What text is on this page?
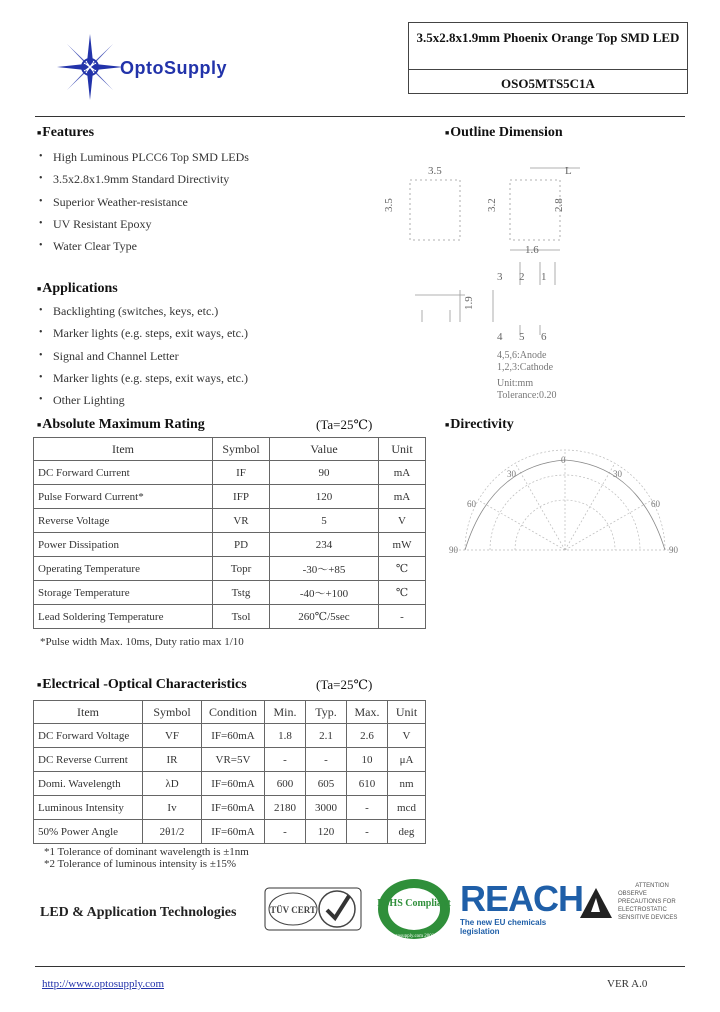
OptoSupply
3.5x2.8x1.9mm Phoenix Orange Top SMD LED
OSO5MTS5C1A
■ Features
• High Luminous PLCC6 Top SMD LEDs
• 3.5x2.8x1.9mm Standard Directivity
• Superior Weather-resistance
• UV Resistant Epoxy
• Water Clear Type
■ Applications
• Backlighting (switches, keys, etc.)
• Marker lights (e.g. steps, exit ways, etc.)
• Signal and Channel Letter
• Marker lights (e.g. steps, exit ways, etc.)
• Other Lighting
■ Outline Dimension
3.5
3.5	3.2	2.8
1.6
1.9
L
3 2 1
4 5 6
4,5,6:Anode
1,2,3:Cathode
Unit:mm
Tolerance:0.20
■ Absolute Maximum Rating	(Ta=25℃)
Item	Symbol	Value	Unit
DC Forward Current	IF	90	mA
Pulse Forward Current*	IFP	120	mA
Reverse Voltage	VR	5	V
Power Dissipation	PD	234	mW
Operating Temperature	Topr	-30～+85	℃
Storage Temperature	Tstg	-40～+100	℃
Lead Soldering Temperature	Tsol	260℃/5sec	-
*Pulse width Max. 10ms, Duty ratio max 1/10
■ Directivity
0
30
60
90
30
60
90
■ Electrical -Optical Characteristics	(Ta=25℃)
Item	Symbol	Condition	Min.	Typ.	Max.	Unit
DC Forward Voltage	VF	IF=60mA	1.8	2.1	2.6	V
DC Reverse Current	IR	VR=5V	-	-	10	μA
Domi. Wavelength	λD	IF=60mA	600	605	610	nm
Luminous Intensity	Iv	IF=60mA	2180	3000	-	mcd
50% Power Angle	2θ1/2	IF=60mA	-	120	-	deg
*1 Tolerance of dominant wavelength is ±1nm
*2 Tolerance of luminous intensity is ±15%
LED & Application Technologies	TÜV CERT
RoHS Compliant
www.optosupply.com 2002/95/EC
REACH
The new EU chemicals legislation
ATTENTION
OBSERVE PRECAUTIONS FOR
ELECTROSTATIC
SENSITIVE DEVICES
http://www.optosupply.com	VER A.0
